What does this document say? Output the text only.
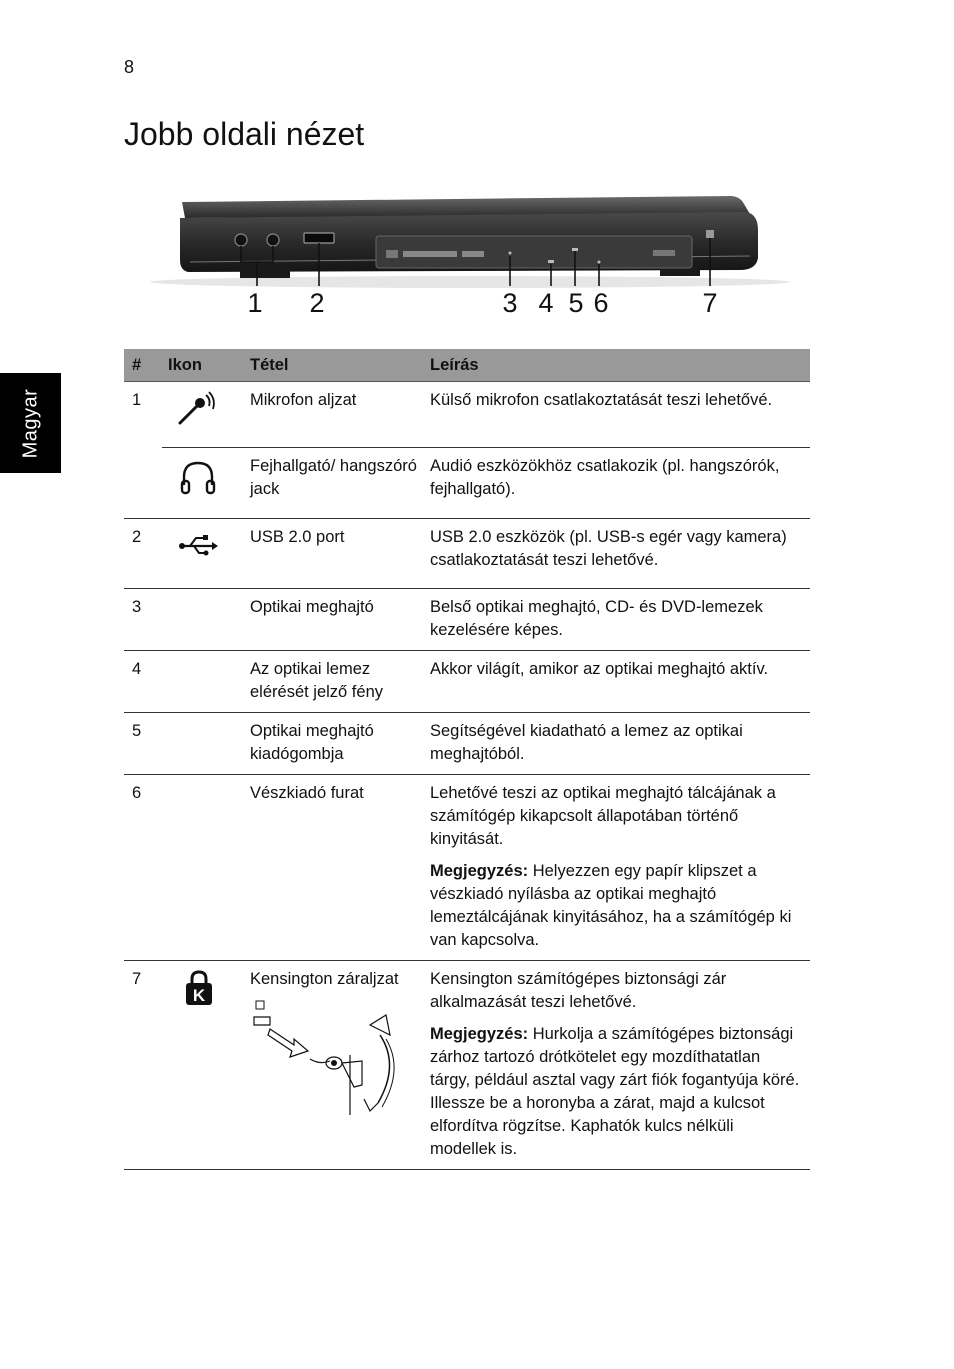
8
Jobb oldali nézet
Magyar
1 2	3 4 5 6	7
#	Ikon	Tétel	Leírás
1		Mikrofon aljzat	Külső mikrofon csatlakoztatását teszi lehetővé.

	Fejhallgató/ hangszóró jack	Audió eszközökhöz csatlakozik (pl. hangszórók, fejhallgató).
2		USB 2.0 port	USB 2.0 eszközök (pl. USB-s egér vagy kamera) csatlakoztatását teszi lehetővé.
3		Optikai meghajtó	Belső optikai meghajtó, CD- és DVD-lemezek kezelésére képes.
4		Az optikai lemez elérését jelző fény	Akkor világít, amikor az optikai meghajtó aktív.
5		Optikai meghajtó kiadógombja	Segítségével kiadatható a lemez az optikai meghajtóból.
6		Vészkiadó furat	Lehetővé teszi az optikai meghajtó tálcájának a számítógép kikapcsolt állapotában történő kinyitását.
Megjegyzés: Helyezzen egy papír klipszet a vészkiadó nyílásba az optikai meghajtó lemeztálcájának kinyitásához, ha a számítógép ki van kapcsolva.

7	K	Kensington záraljzat	Kensington számítógépes biztonsági zár alkalmazását teszi lehetővé.
Megjegyzés: Hurkolja a számítógépes biztonsági zárhoz tartozó drótkötelet egy mozdíthatatlan tárgy, például asztal vagy zárt fiók fogantyúja köré. Illessze be a horonyba a zárat, majd a kulcsot elfordítva rögzítse. Kaphatók kulcs nélküli modellek is.
